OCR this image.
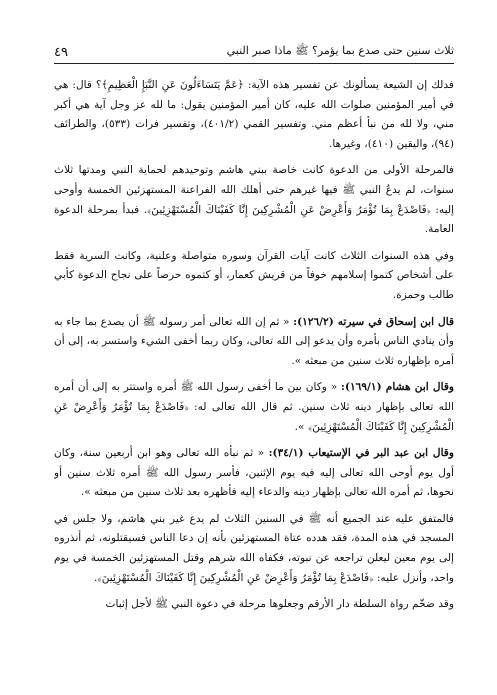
ثلاث سنين حتى صدع بما يؤمر؟ ﷺ ماذا صبر النبي
٤٩

فدلك إن الشيعة يسألونك عن تفسير هذه الآية: ﴿عَمَّ يَتَسَاءَلُونَ عَنِ النَّبَإِ الْعَظِيمِ﴾؟ قال: هي في أمير المؤمنين صلوات الله عليه، كان أمير المؤمنين يقول: ما لله عز وجل آية هي أكبر مني، ولا لله من نبأ أعظم مني. وتفسير القمي (٤٠١/٢)، وتفسير فرات (٥٣٣)، والطرائف (٩٤)، واليقين (٤١٠)، وغيرها.

فالمرحلة الأولى من الدعوة كانت خاصة ببني هاشم وتوحيدهم لحماية النبي ومدتها ثلاث سنوات، لم يدعُ النبي ﷺ فيها غيرهم حتى أهلك الله الفراعنة المستهزئين الخمسة وأوحى إليه: ﴿فَاصْدَعْ بِمَا تُؤْمَرُ وَأَعْرِضْ عَنِ الْمُشْرِكِينَ إِنَّا كَفَيْنَاكَ الْمُسْتَهْزِئِينَ﴾. فبدأ بمرحلة الدعوة العامة.

وفي هذه السنوات الثلاث كانت آيات القرآن وسوره متواصلة وعلنية، وكانت السرية فقط على أشخاص كتموا إسلامهم خوفاً من قريش كعمار، أو كتموه حرصاً على نجاح الدعوة كأبي طالب وحمزة.

قال ابن إسحاق في سيرته (١٢٦/٢): « ثم إن الله تعالى أمر رسوله ﷺ أن يصدع بما جاء به وأن ينادي الناس بأمره وأن يدعو إلى الله تعالى، وكان ربما أخفى الشيء واستسر به، إلى أن أمره بإظهاره ثلاث سنين من مبعثه ».

وقال ابن هشام (١٦٩/١): « وكان بين ما أخفى رسول الله ﷺ أمره واستتر به إلى أن أمره الله تعالى بإظهار دينه ثلاث سنين. ثم قال الله تعالى له: ﴿فَاصْدَعْ بِمَا تُؤْمَرُ وَأَعْرِضْ عَنِ الْمُشْرِكِينَ إِنَّا كَفَيْنَاكَ الْمُسْتَهْزِئِينَ﴾ ».

وقال ابن عبد البر في الإستيعاب (٣٤/١): « ثم نبأه الله تعالى وهو ابن أربعين سنة، وكان أول يوم أوحى الله تعالى إليه فيه يوم الإثنين، فأسر رسول الله ﷺ أمره ثلاث سنين أو نحوها، ثم أمره الله تعالى بإظهار دينه والدعاء إليه فأظهره بعد ثلاث سنين من مبعثه ».

فالمتفق عليه عند الجميع أنه ﷺ في السنين الثلاث لم يدع غير بني هاشم، ولا جلس في المسجد في هذه المدة، فقد هدده عتاة المستهزئين بأنه إن دعا الناس فسيقتلونه، ثم أنذروه إلى يوم معين ليعلن تراجعه عن نبوته، فكفاه الله شرهم وقتل المستهزئين الخمسة في يوم واحد، وأنزل عليه: ﴿فَاصْدَعْ بِمَا تُؤْمَرُ وَأَعْرِضْ عَنِ الْمُشْرِكِينَ إِنَّا كَفَيْنَاكَ الْمُسْتَهْزِئِينَ﴾.

وقد ضخّم رواة السلطة دار الأرقم وجعلوها مرحلة في دعوة النبي ﷺ لأجل إثبات
